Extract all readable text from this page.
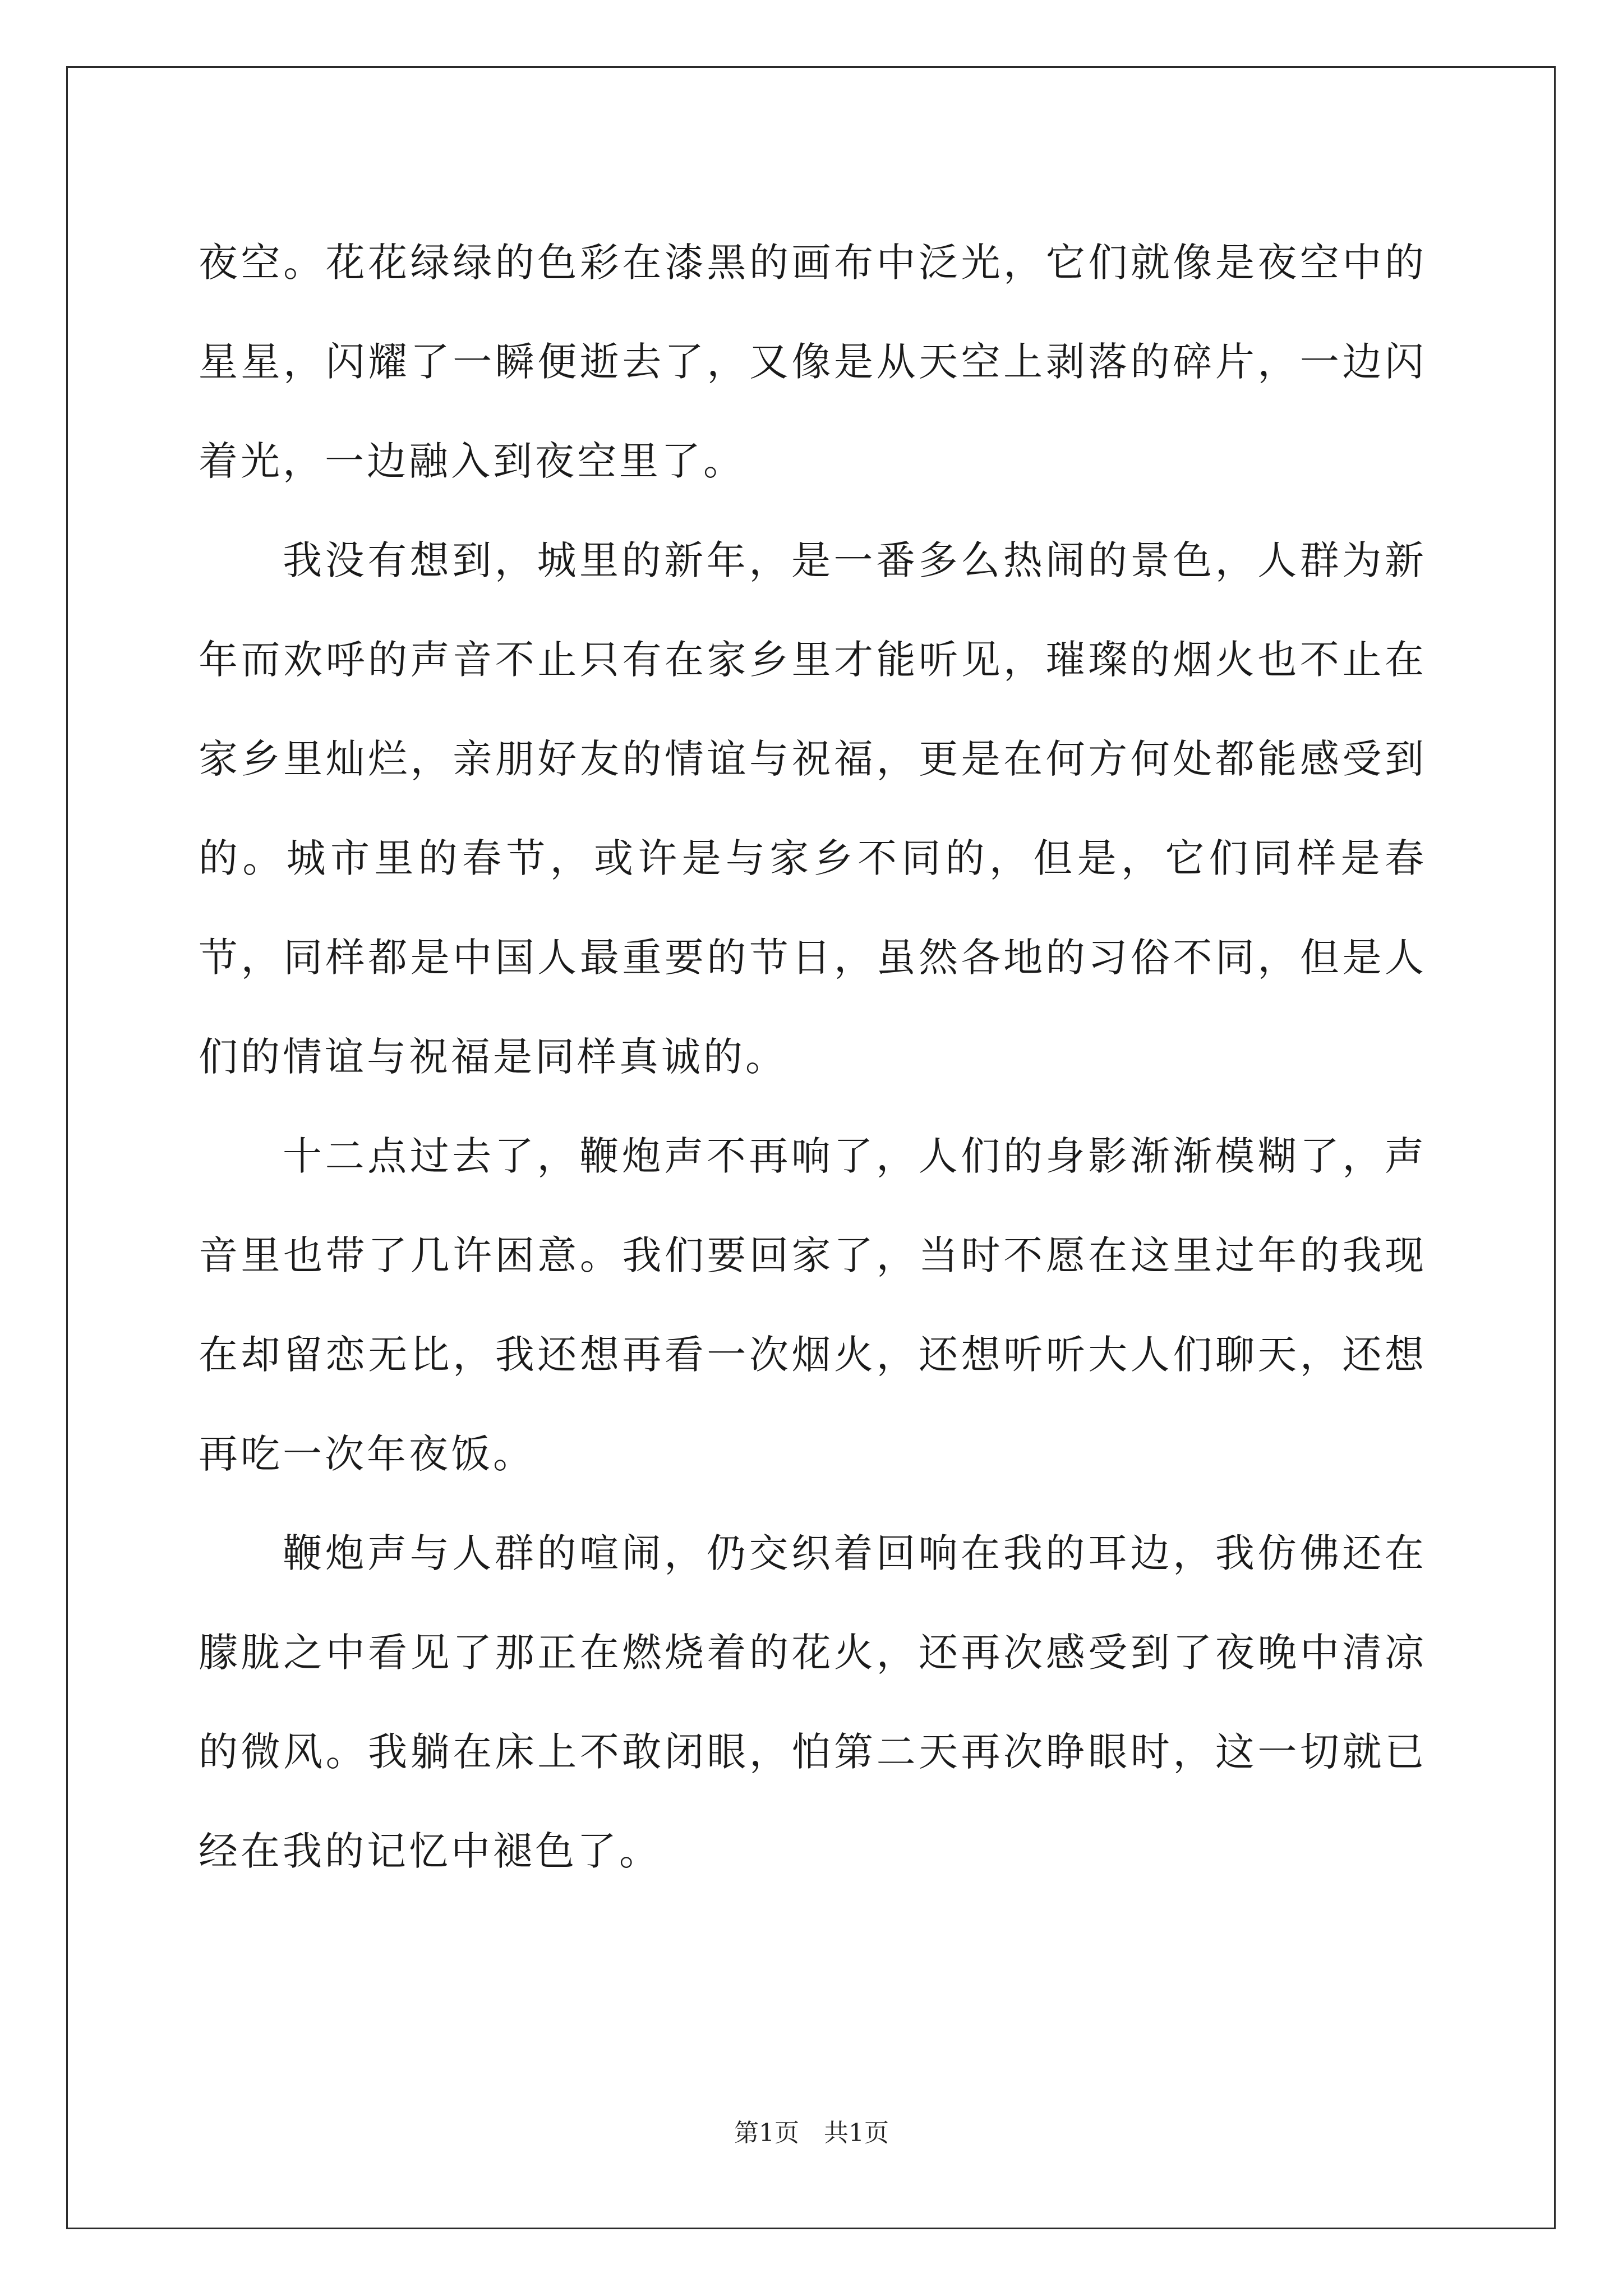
夜空。花花绿绿的色彩在漆黑的画布中泛光，它们就像是夜空中的星星，闪耀了一瞬便逝去了，又像是从天空上剥落的碎片，一边闪着光，一边融入到夜空里了。

我没有想到，城里的新年，是一番多么热闹的景色，人群为新年而欢呼的声音不止只有在家乡里才能听见，璀璨的烟火也不止在家乡里灿烂，亲朋好友的情谊与祝福，更是在何方何处都能感受到的。城市里的春节，或许是与家乡不同的，但是，它们同样是春节，同样都是中国人最重要的节日，虽然各地的习俗不同，但是人们的情谊与祝福是同样真诚的。

十二点过去了，鞭炮声不再响了，人们的身影渐渐模糊了，声音里也带了几许困意。我们要回家了，当时不愿在这里过年的我现在却留恋无比，我还想再看一次烟火，还想听听大人们聊天，还想再吃一次年夜饭。

鞭炮声与人群的喧闹，仍交织着回响在我的耳边，我仿佛还在朦胧之中看见了那正在燃烧着的花火，还再次感受到了夜晚中清凉的微风。我躺在床上不敢闭眼，怕第二天再次睁眼时，这一切就已经在我的记忆中褪色了。

第1页 共1页
